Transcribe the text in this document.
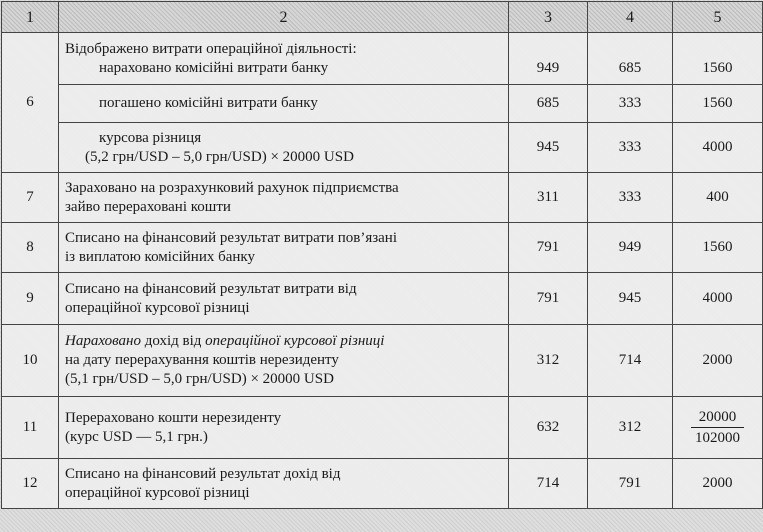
1	2	3	4	5
6	Відображено витрати операційної діяльності:
нараховано комісійні витрати банку	949	685	1560

	погашено комісійні витрати банку	685	333	1560

	курсова різниця
(5,2 грн/USD – 5,0 грн/USD) × 20000 USD	945	333	4000
7	Зараховано на розрахунковий рахунок підприємства
зайво перераховані кошти	311	333	400
8	Списано на фінансовий результат витрати пов’язані
із виплатою комісійних банку	791	949	1560
9	Списано на фінансовий результат витрати від
операційної курсової різниці	791	945	4000
10	Нараховано дохід від операційної курсової різниці
на дату перерахування коштів нерезиденту
(5,1 грн/USD – 5,0 грн/USD) × 20000 USD	312	714	2000
11	Перераховано кошти нерезиденту
(курс USD — 5,1 грн.)	632	312	$\frac{20000}{102000}$

12	Списано на фінансовий результат дохід від
операційної курсової різниці	714	791	2000
